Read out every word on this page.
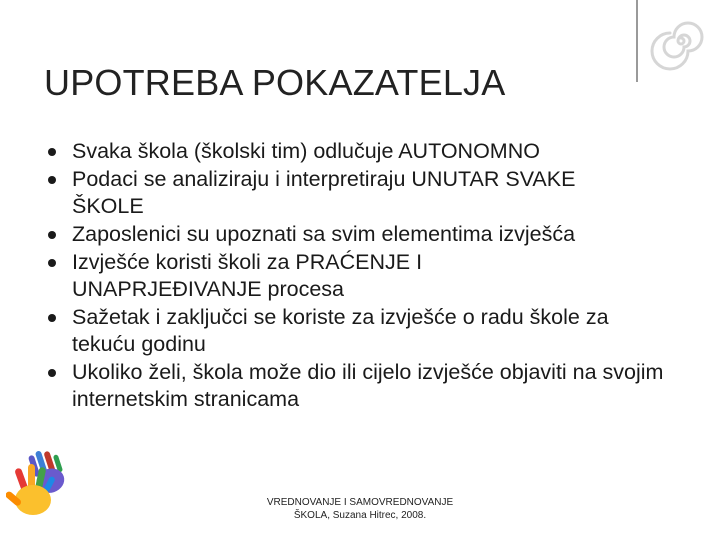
UPOTREBA POKAZATELJA
Svaka škola (školski tim) odlučuje AUTONOMNO
Podaci se analiziraju i interpretiraju UNUTAR SVAKE ŠKOLE
Zaposlenici su upoznati sa svim elementima izvješća
Izvješće koristi školi za PRAĆENJE I UNAPRJEĐIVANJE procesa
Sažetak i zaključci se koriste za izvješće o radu škole za tekuću godinu
Ukoliko želi, škola može dio ili cijelo izvješće objaviti na svojim internetskim stranicama
VREDNOVANJE I SAMOVREDNOVANJE
ŠKOLA, Suzana Hitrec, 2008.
